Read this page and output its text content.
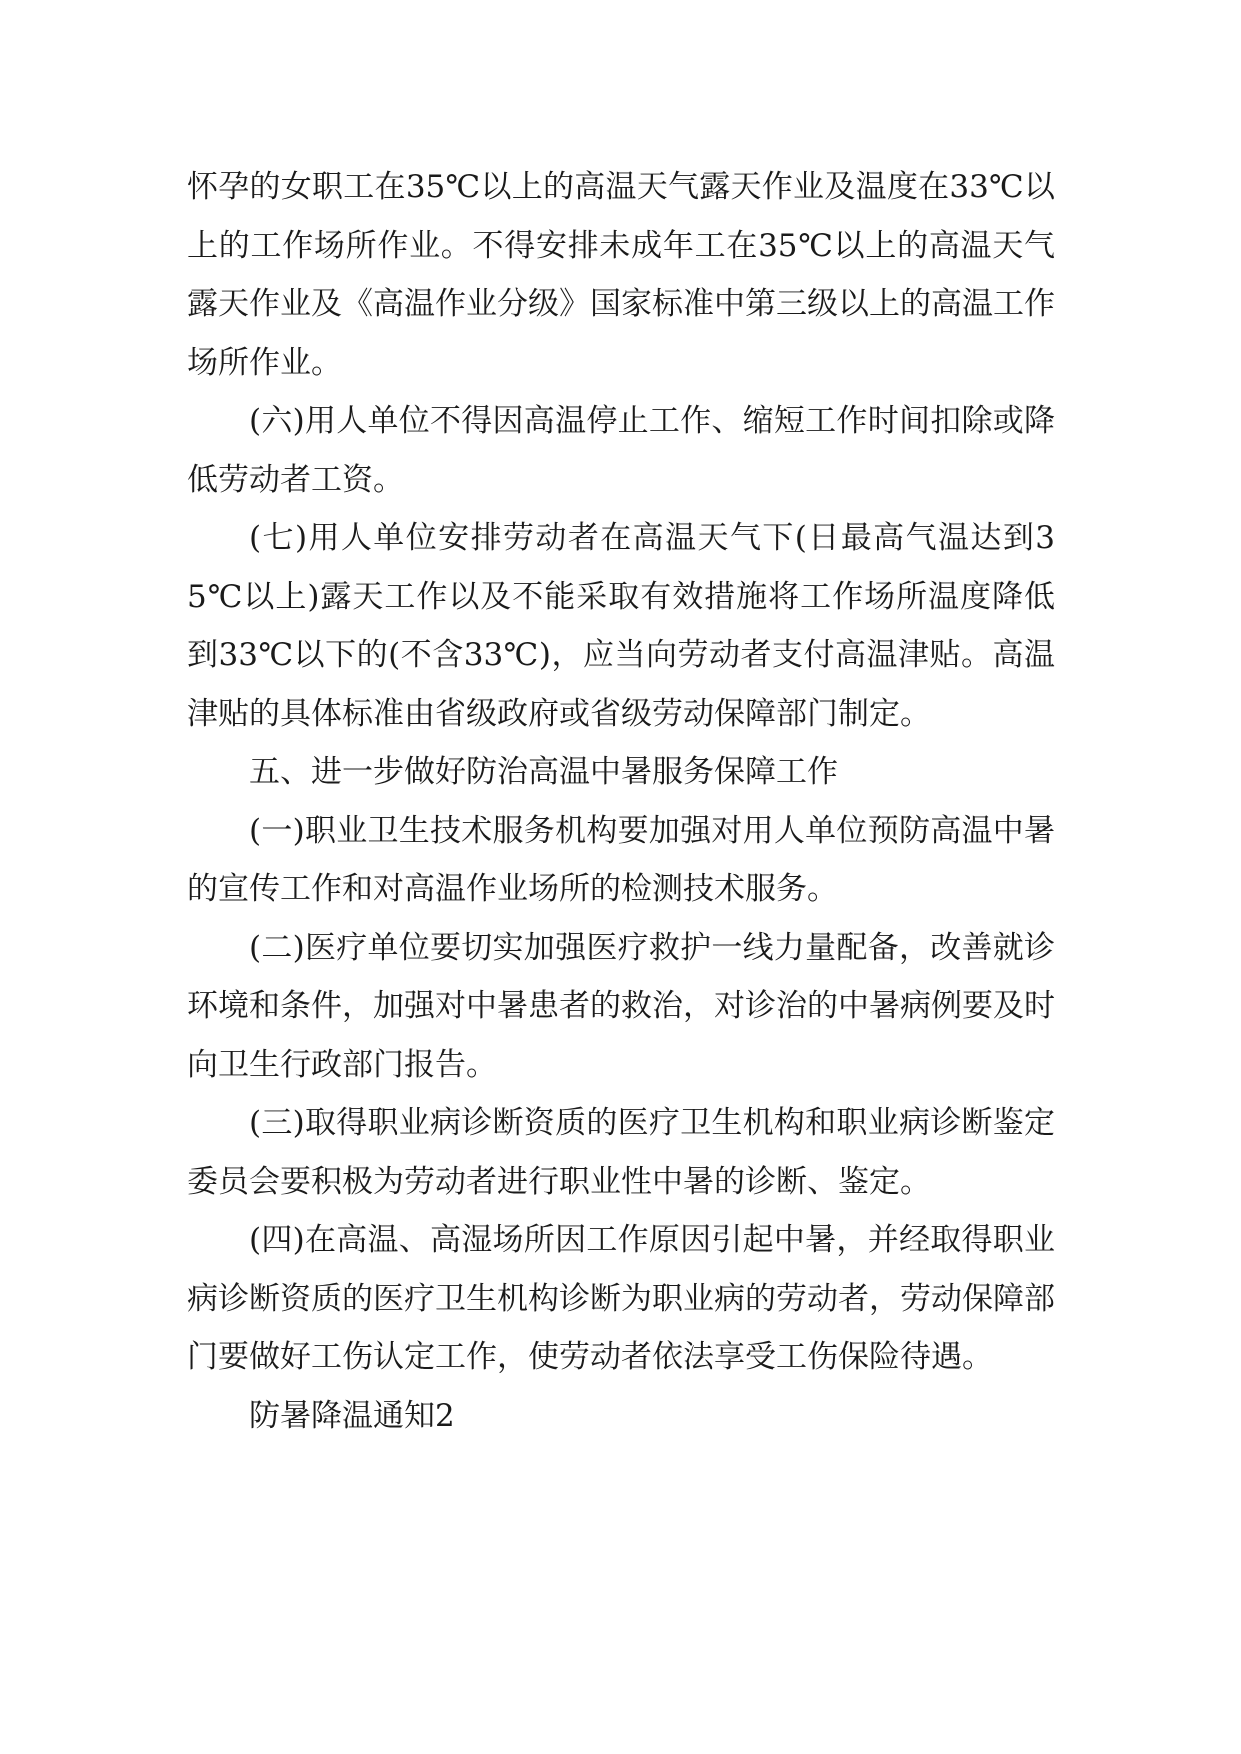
怀孕的女职工在35℃以上的高温天气露天作业及温度在33℃以上的工作场所作业。不得安排未成年工在35℃以上的高温天气露天作业及《高温作业分级》国家标准中第三级以上的高温工作场所作业。

(六)用人单位不得因高温停止工作、缩短工作时间扣除或降低劳动者工资。

(七)用人单位安排劳动者在高温天气下(日最高气温达到35℃以上)露天工作以及不能采取有效措施将工作场所温度降低到33℃以下的(不含33℃)，应当向劳动者支付高温津贴。高温津贴的具体标准由省级政府或省级劳动保障部门制定。

五、进一步做好防治高温中暑服务保障工作

(一)职业卫生技术服务机构要加强对用人单位预防高温中暑的宣传工作和对高温作业场所的检测技术服务。

(二)医疗单位要切实加强医疗救护一线力量配备，改善就诊环境和条件，加强对中暑患者的救治，对诊治的中暑病例要及时向卫生行政部门报告。

(三)取得职业病诊断资质的医疗卫生机构和职业病诊断鉴定委员会要积极为劳动者进行职业性中暑的诊断、鉴定。

(四)在高温、高湿场所因工作原因引起中暑，并经取得职业病诊断资质的医疗卫生机构诊断为职业病的劳动者，劳动保障部门要做好工伤认定工作，使劳动者依法享受工伤保险待遇。

防暑降温通知2
